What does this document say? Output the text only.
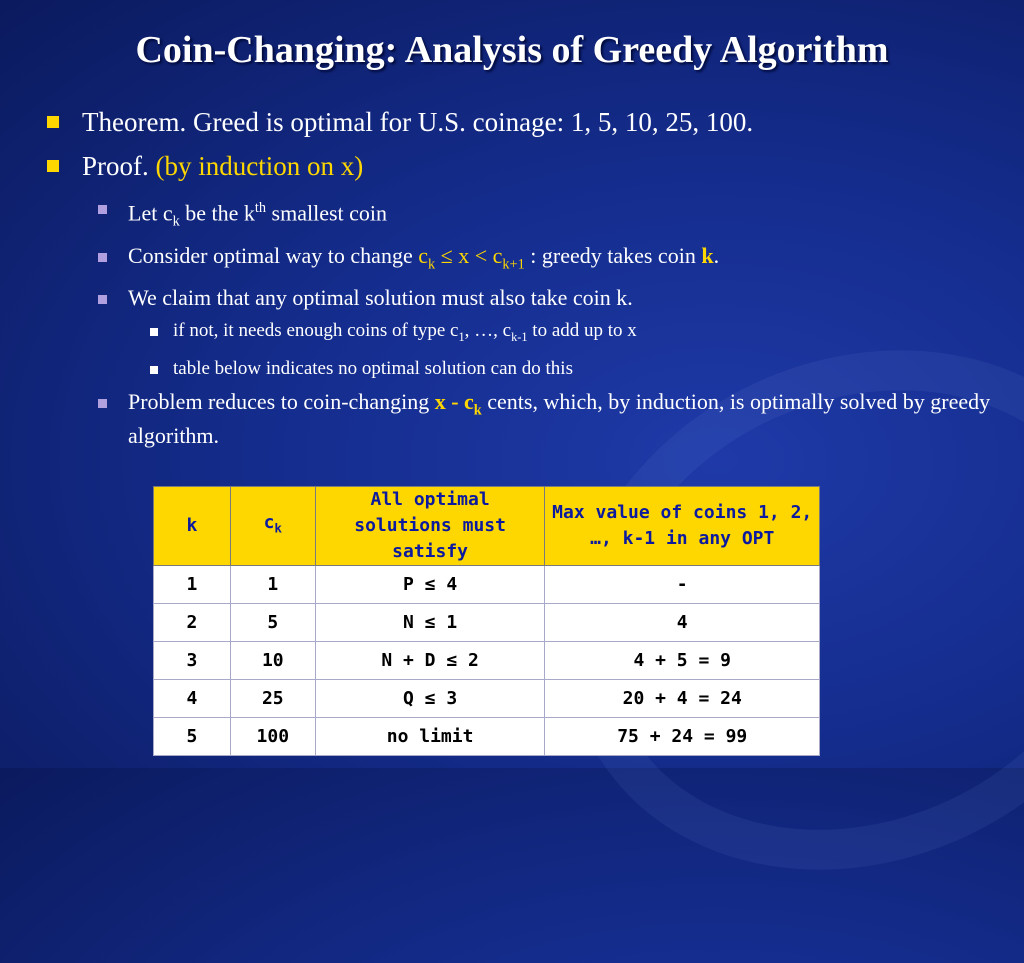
Coin-Changing: Analysis of Greedy Algorithm
Theorem. Greed is optimal for U.S. coinage: 1, 5, 10, 25, 100.
Proof. (by induction on x)
Let $c_k$ be the $k^{th}$ smallest coin
Consider optimal way to change $c_k \le x < c_{k+1}$ : greedy takes coin k.
We claim that any optimal solution must also take coin k.
if not, it needs enough coins of type $c_1$, …, $c_{k-1}$ to add up to x
table below indicates no optimal solution can do this
Problem reduces to coin-changing x - $c_k$ cents, which, by induction, is optimally solved by greedy algorithm.
k	$c_k$	All optimal solutions must satisfy	Max value of coins 1, 2, …, k-1 in any OPT
1	1	P ≤ 4	-
2	5	N ≤ 1	4
3	10	N + D ≤ 2	4 + 5 = 9
4	25	Q ≤ 3	20 + 4 = 24
5	100	no limit	75 + 24 = 99
